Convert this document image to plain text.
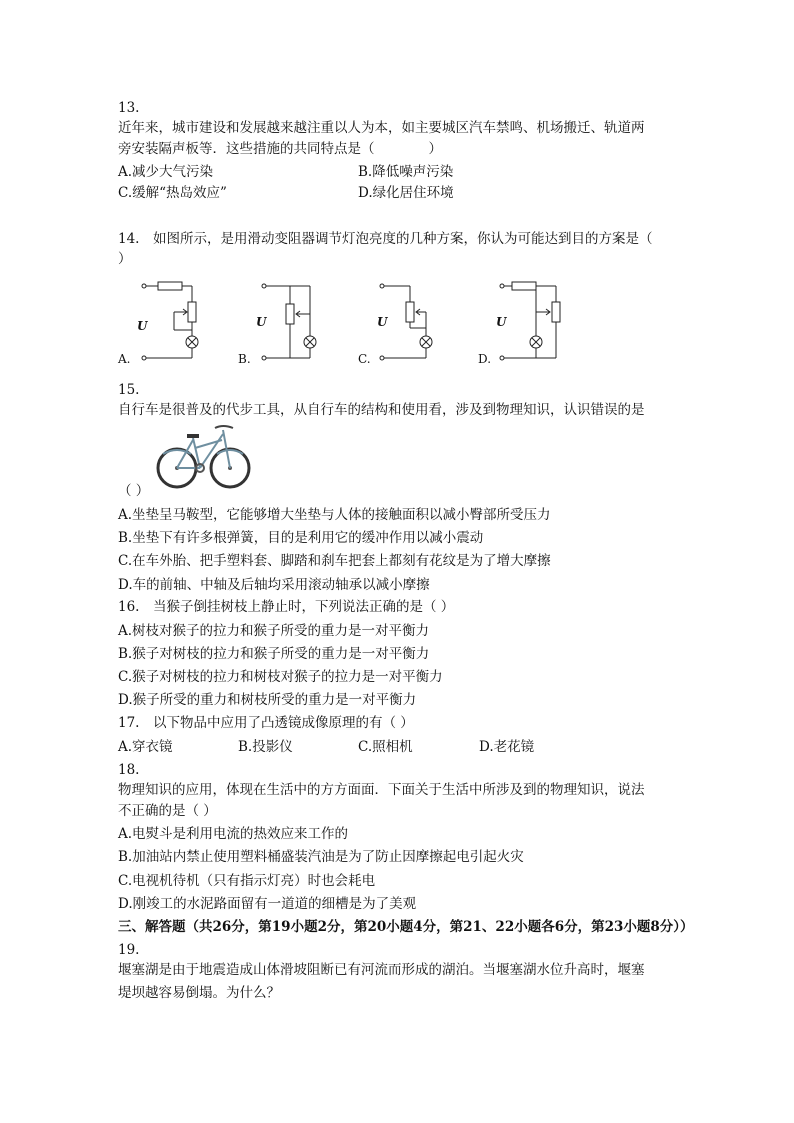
13.
近年来，城市建设和发展越来越注重以人为本，如主要城区汽车禁鸣、机场搬迁、轨道两
旁安装隔声板等．这些措施的共同特点是（　　　　）
A.减少大气污染	B.降低噪声污染
C.缓解“热岛效应”	D.绿化居住环境
14.　如图所示，是用滑动变阻器调节灯泡亮度的几种方案，你认为可能达到目的方案是（
）
U
A.
U
B.
U
C.
U
D.
15.
自行车是很普及的代步工具，从自行车的结构和使用看，涉及到物理知识，认识错误的是
（ ）
A.坐垫呈马鞍型，它能够增大坐垫与人体的接触面积以减小臀部所受压力
B.坐垫下有许多根弹簧，目的是利用它的缓冲作用以减小震动
C.在车外胎、把手塑料套、脚踏和刹车把套上都刻有花纹是为了增大摩擦
D.车的前轴、中轴及后轴均采用滚动轴承以减小摩擦
16.　当猴子倒挂树枝上静止时，下列说法正确的是（ ）
A.树枝对猴子的拉力和猴子所受的重力是一对平衡力
B.猴子对树枝的拉力和猴子所受的重力是一对平衡力
C.猴子对树枝的拉力和树枝对猴子的拉力是一对平衡力
D.猴子所受的重力和树枝所受的重力是一对平衡力
17.　以下物品中应用了凸透镜成像原理的有（ ）
A.穿衣镜	B.投影仪	C.照相机	D.老花镜
18.
物理知识的应用，体现在生活中的方方面面．下面关于生活中所涉及到的物理知识，说法
不正确的是（ ）
A.电熨斗是利用电流的热效应来工作的
B.加油站内禁止使用塑料桶盛装汽油是为了防止因摩擦起电引起火灾
C.电视机待机（只有指示灯亮）时也会耗电
D.刚竣工的水泥路面留有一道道的细槽是为了美观
三、解答题（共26分，第19小题2分，第20小题4分，第21、22小题各6分，第23小题8分））
19.
堰塞湖是由于地震造成山体滑坡阻断已有河流而形成的湖泊。当堰塞湖水位升高时，堰塞
堤坝越容易倒塌。为什么？
